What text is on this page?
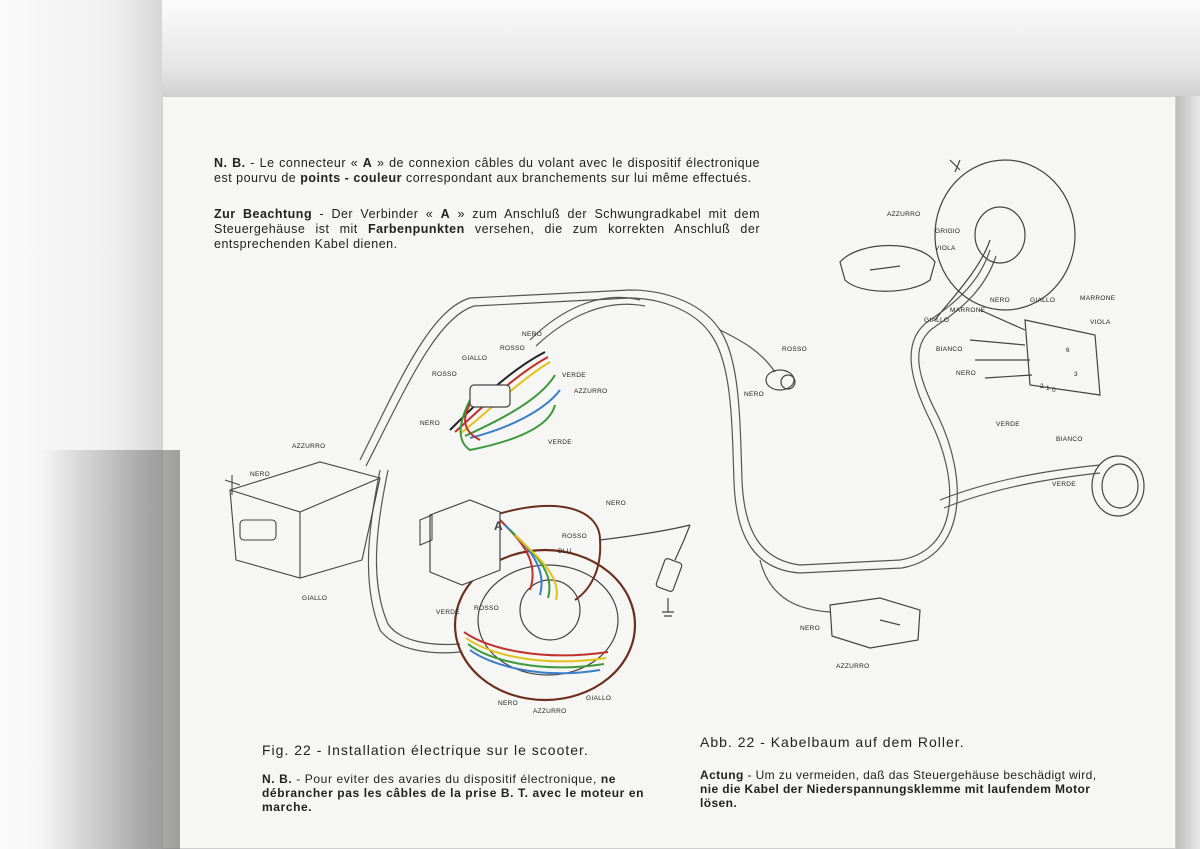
N. B. - Le connecteur « A » de connexion câbles du volant avec le dispositif électronique est pourvu de points - couleur correspondant aux branchements sur lui même effectués.
Zur Beachtung - Der Verbinder « A » zum Anschluß der Schwungradkabel mit dem Steuergehäuse ist mit Farbenpunkten versehen, die zum korrekten Anschluß der entsprechenden Kabel dienen.
NERO
AZZURRO
GIALLO
NERO
ROSSO
GIALLO
ROSSO	VERDE
AZZURRO
NERO
VERDE
NERO
ROSSO
BLU
VERDE
ROSSO
NERO
AZZURRO
GIALLO
A
ROSSO
NERO
AZZURRO
GRIGIO
VIOLA
NERO	GIALLO	MARRONE
MARRONE
GIALLO	VIOLA
BIANCO
NERO
VERDE
BIANCO
VERDE
NERO
AZZURRO
6
3
2 1 0
Fig. 22 - Installation électrique sur le scooter.	Abb. 22 - Kabelbaum auf dem Roller.
N. B. - Pour eviter des avaries du dispositif électronique, ne débrancher pas les câbles de la prise B. T. avec le moteur en marche.
Actung - Um zu vermeiden, daß das Steuergehäuse beschädigt wird, nie die Kabel der Niederspannungsklemme mit laufendem Motor lösen.
